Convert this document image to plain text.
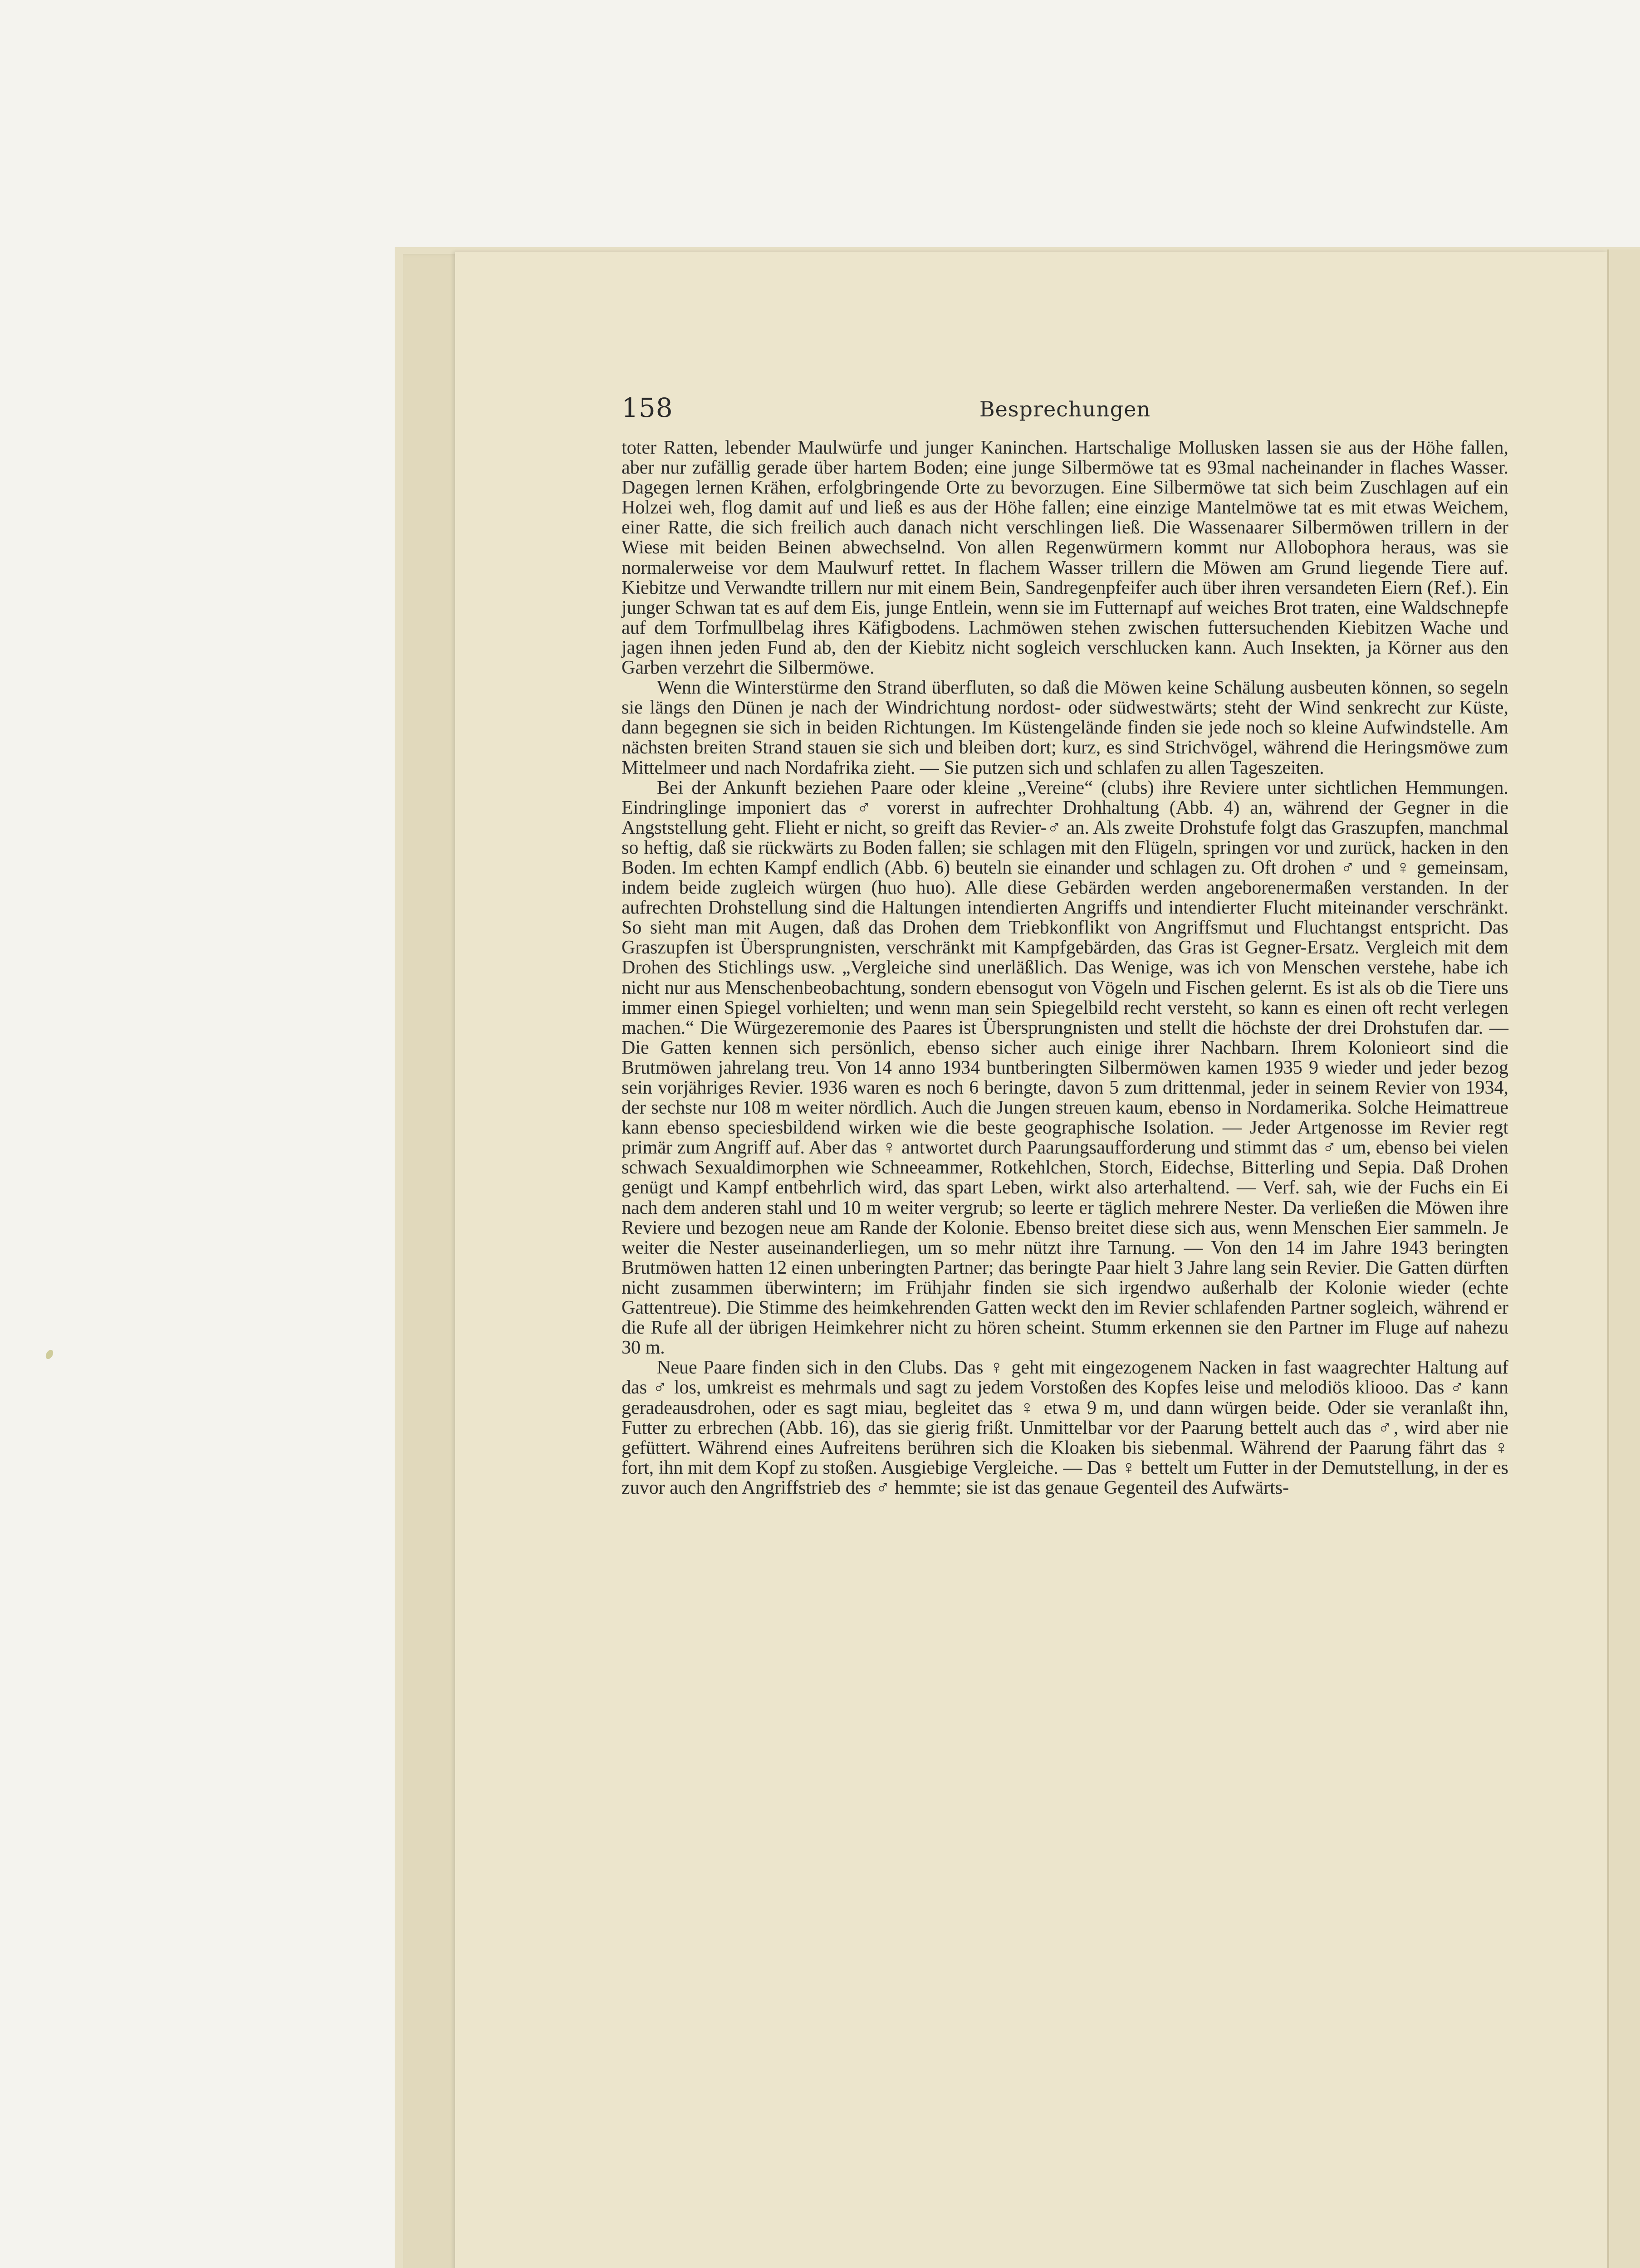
158	Besprechungen

toter Ratten, lebender Maulwürfe und junger Kaninchen. Hartschalige Mollusken lassen sie aus der Höhe fallen, aber nur zufällig gerade über hartem Boden; eine junge Silbermöwe tat es 93mal nacheinander in flaches Wasser. Dagegen lernen Krähen, erfolgbringende Orte zu bevorzugen. Eine Silbermöwe tat sich beim Zuschlagen auf ein Holzei weh, flog damit auf und ließ es aus der Höhe fallen; eine einzige Mantelmöwe tat es mit etwas Weichem, einer Ratte, die sich freilich auch danach nicht verschlingen ließ. Die Wassenaarer Silbermöwen trillern in der Wiese mit beiden Beinen abwechselnd. Von allen Regenwürmern kommt nur Allobophora heraus, was sie normalerweise vor dem Maulwurf rettet. In flachem Wasser trillern die Möwen am Grund liegende Tiere auf. Kiebitze und Verwandte trillern nur mit einem Bein, Sandregenpfeifer auch über ihren versandeten Eiern (Ref.). Ein junger Schwan tat es auf dem Eis, junge Entlein, wenn sie im Futternapf auf weiches Brot traten, eine Waldschnepfe auf dem Torfmullbelag ihres Käfigbodens. Lachmöwen stehen zwischen futtersuchenden Kiebitzen Wache und jagen ihnen jeden Fund ab, den der Kiebitz nicht sogleich verschlucken kann. Auch Insekten, ja Körner aus den Garben verzehrt die Silbermöwe.

Wenn die Winterstürme den Strand überfluten, so daß die Möwen keine Schälung ausbeuten können, so segeln sie längs den Dünen je nach der Windrichtung nordost- oder südwestwärts; steht der Wind senkrecht zur Küste, dann begegnen sie sich in beiden Richtungen. Im Küstengelände finden sie jede noch so kleine Aufwindstelle. Am nächsten breiten Strand stauen sie sich und bleiben dort; kurz, es sind Strichvögel, während die Heringsmöwe zum Mittelmeer und nach Nordafrika zieht. — Sie putzen sich und schlafen zu allen Tageszeiten.

Bei der Ankunft beziehen Paare oder kleine „Vereine“ (clubs) ihre Reviere unter sichtlichen Hemmungen. Eindringlinge imponiert das ♂ vorerst in aufrechter Drohhaltung (Abb. 4) an, während der Gegner in die Angststellung geht. Flieht er nicht, so greift das Revier-♂ an. Als zweite Drohstufe folgt das Graszupfen, manchmal so heftig, daß sie rückwärts zu Boden fallen; sie schlagen mit den Flügeln, springen vor und zurück, hacken in den Boden. Im echten Kampf endlich (Abb. 6) beuteln sie einander und schlagen zu. Oft drohen ♂ und ♀ gemeinsam, indem beide zugleich würgen (huo huo). Alle diese Gebärden werden angeborenermaßen verstanden. In der aufrechten Drohstellung sind die Haltungen intendierten Angriffs und intendierter Flucht miteinander verschränkt. So sieht man mit Augen, daß das Drohen dem Triebkonflikt von Angriffsmut und Fluchtangst entspricht. Das Graszupfen ist Übersprungnisten, verschränkt mit Kampfgebärden, das Gras ist Gegner-Ersatz. Vergleich mit dem Drohen des Stichlings usw. „Vergleiche sind unerläßlich. Das Wenige, was ich von Menschen verstehe, habe ich nicht nur aus Menschenbeobachtung, sondern ebensogut von Vögeln und Fischen gelernt. Es ist als ob die Tiere uns immer einen Spiegel vorhielten; und wenn man sein Spiegelbild recht versteht, so kann es einen oft recht verlegen machen.“ Die Würgezeremonie des Paares ist Übersprungnisten und stellt die höchste der drei Drohstufen dar. — Die Gatten kennen sich persönlich, ebenso sicher auch einige ihrer Nachbarn. Ihrem Kolonieort sind die Brutmöwen jahrelang treu. Von 14 anno 1934 buntberingten Silbermöwen kamen 1935 9 wieder und jeder bezog sein vorjähriges Revier. 1936 waren es noch 6 beringte, davon 5 zum drittenmal, jeder in seinem Revier von 1934, der sechste nur 108 m weiter nördlich. Auch die Jungen streuen kaum, ebenso in Nordamerika. Solche Heimattreue kann ebenso speciesbildend wirken wie die beste geographische Isolation. — Jeder Artgenosse im Revier regt primär zum Angriff auf. Aber das ♀ antwortet durch Paarungsaufforderung und stimmt das ♂ um, ebenso bei vielen schwach Sexualdimorphen wie Schneeammer, Rotkehlchen, Storch, Eidechse, Bitterling und Sepia. Daß Drohen genügt und Kampf entbehrlich wird, das spart Leben, wirkt also arterhaltend. — Verf. sah, wie der Fuchs ein Ei nach dem anderen stahl und 10 m weiter vergrub; so leerte er täglich mehrere Nester. Da verließen die Möwen ihre Reviere und bezogen neue am Rande der Kolonie. Ebenso breitet diese sich aus, wenn Menschen Eier sammeln. Je weiter die Nester auseinanderliegen, um so mehr nützt ihre Tarnung. — Von den 14 im Jahre 1943 beringten Brutmöwen hatten 12 einen unberingten Partner; das beringte Paar hielt 3 Jahre lang sein Revier. Die Gatten dürften nicht zusammen überwintern; im Frühjahr finden sie sich irgendwo außerhalb der Kolonie wieder (echte Gattentreue). Die Stimme des heimkehrenden Gatten weckt den im Revier schlafenden Partner sogleich, während er die Rufe all der übrigen Heimkehrer nicht zu hören scheint. Stumm erkennen sie den Partner im Fluge auf nahezu 30 m.

Neue Paare finden sich in den Clubs. Das ♀ geht mit eingezogenem Nacken in fast waagrechter Haltung auf das ♂ los, umkreist es mehrmals und sagt zu jedem Vorstoßen des Kopfes leise und melodiös kliooo. Das ♂ kann geradeausdrohen, oder es sagt miau, begleitet das ♀ etwa 9 m, und dann würgen beide. Oder sie veranlaßt ihn, Futter zu erbrechen (Abb. 16), das sie gierig frißt. Unmittelbar vor der Paarung bettelt auch das ♂, wird aber nie gefüttert. Während eines Aufreitens berühren sich die Kloaken bis siebenmal. Während der Paarung fährt das ♀ fort, ihn mit dem Kopf zu stoßen. Ausgiebige Vergleiche. — Das ♀ bettelt um Futter in der Demutstellung, in der es zuvor auch den Angriffstrieb des ♂ hemmte; sie ist das genaue Gegenteil des Aufwärts-
